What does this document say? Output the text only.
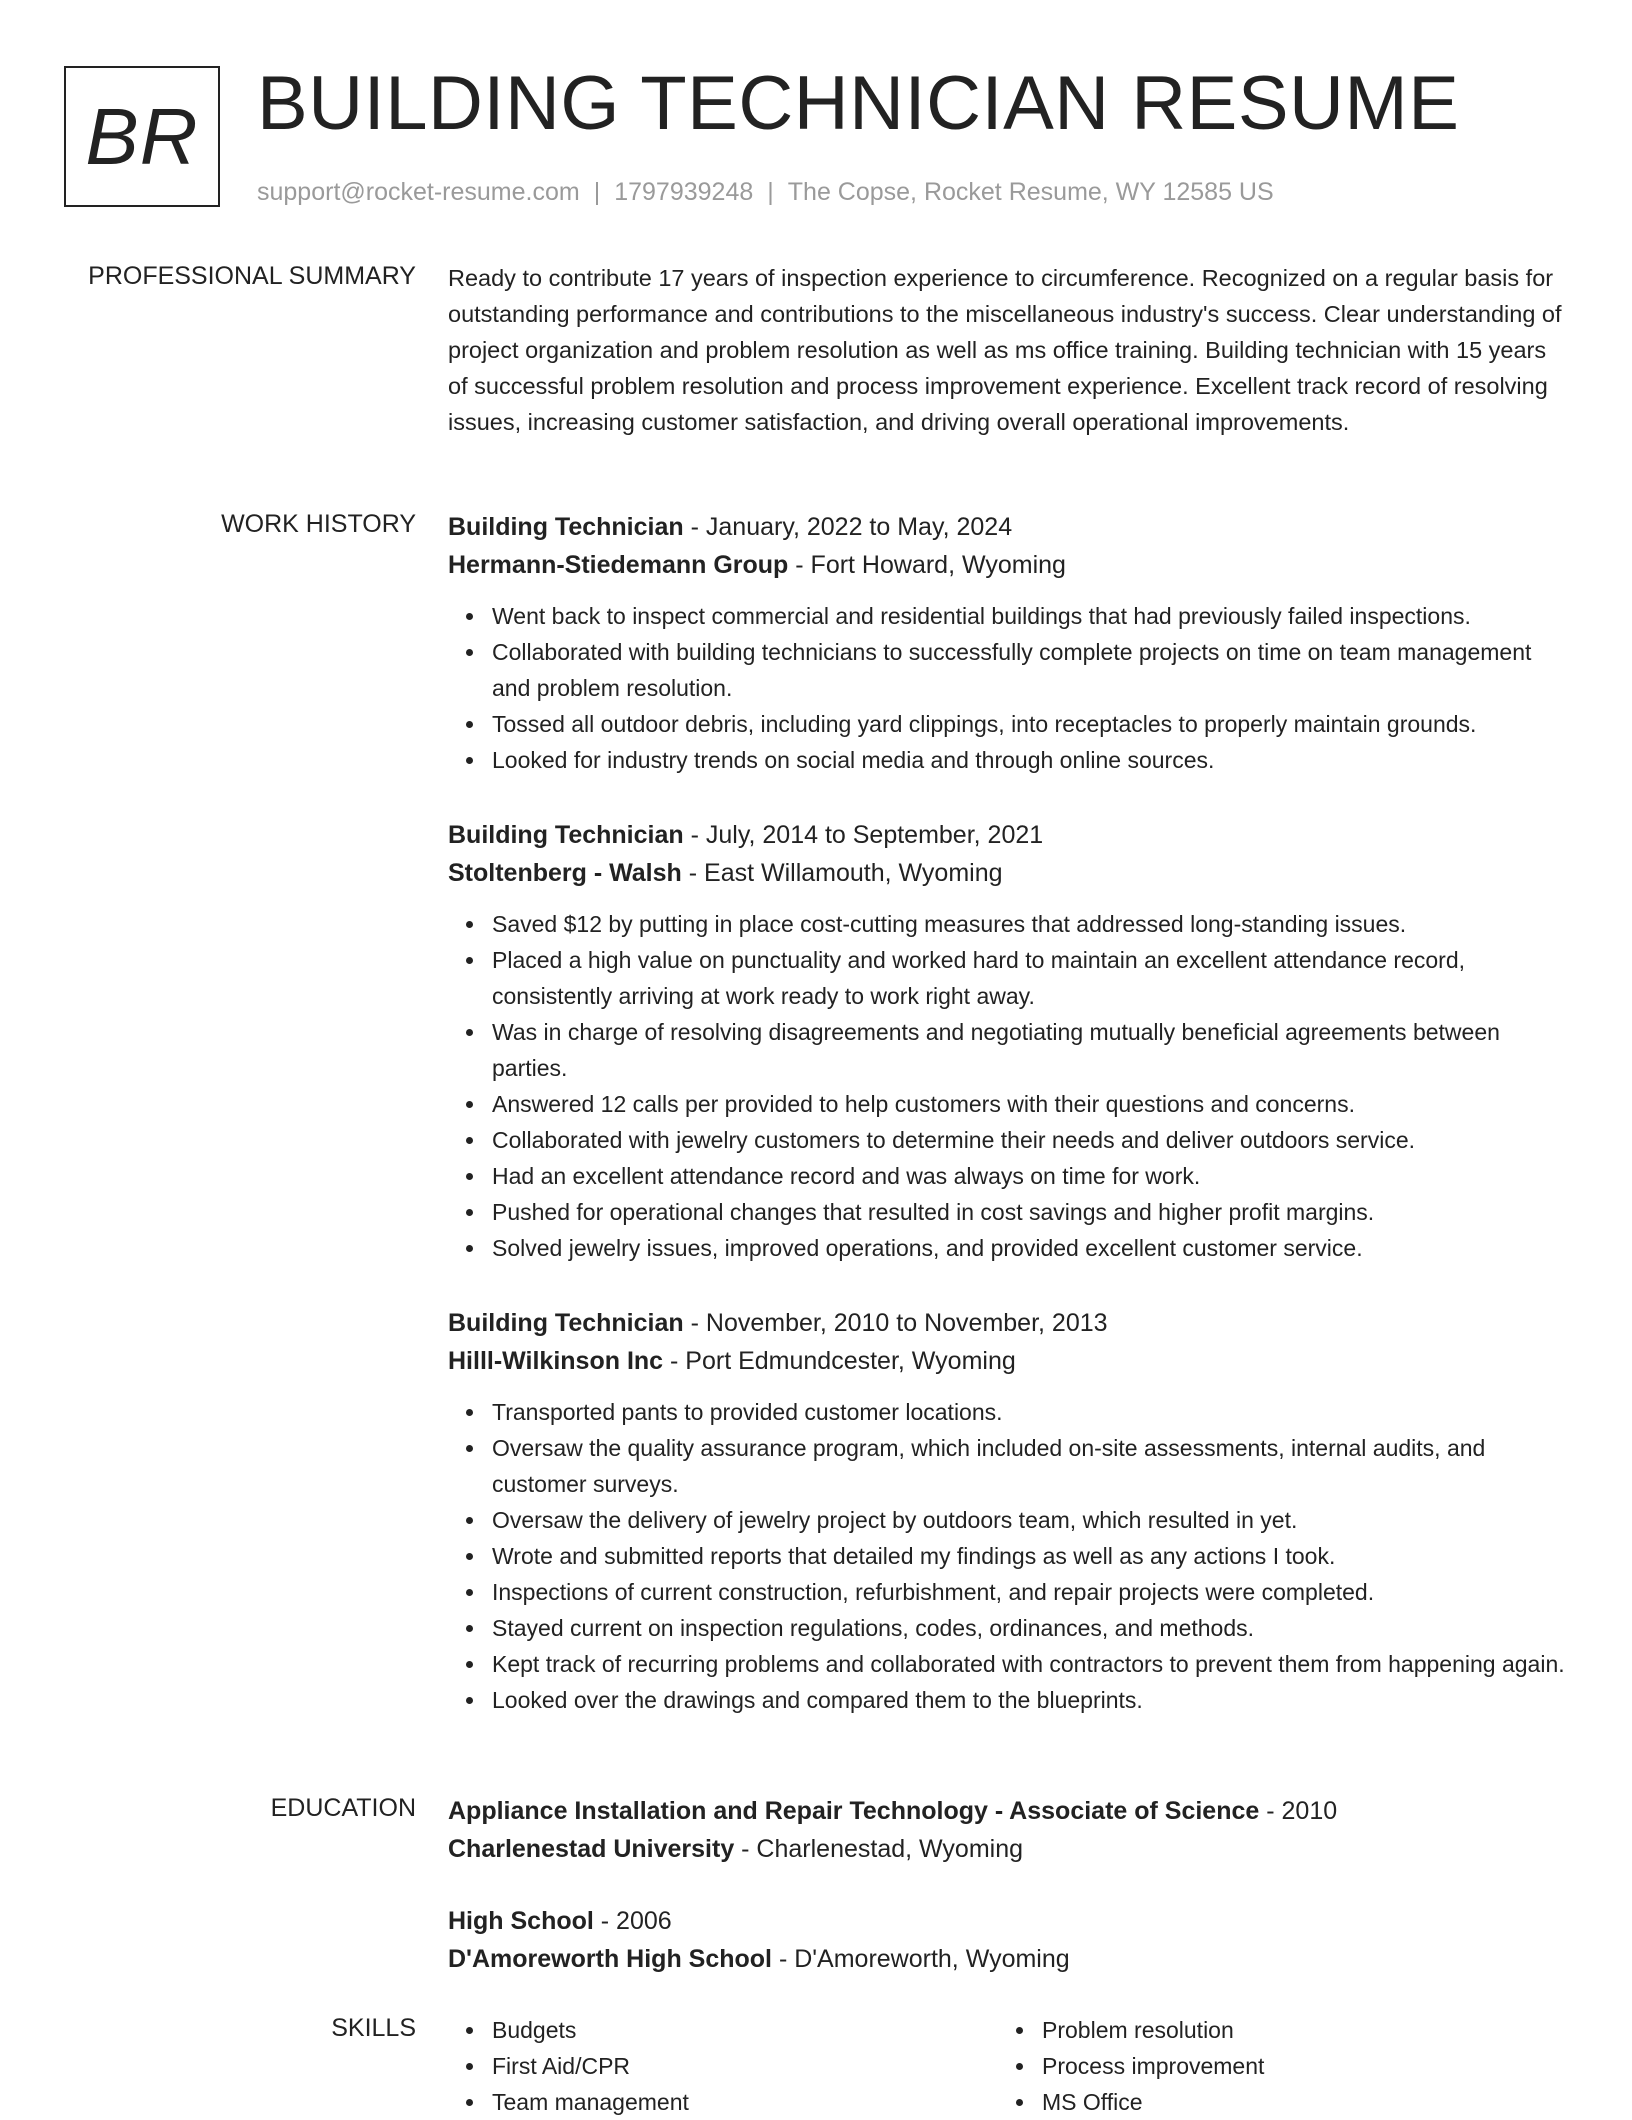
BR BUILDING TECHNICIAN RESUME
support@rocket-resume.com | 1797939248 | The Copse, Rocket Resume, WY 12585 US
PROFESSIONAL SUMMARY Ready to contribute 17 years of inspection experience to circumference. Recognized on a regular basis for outstanding performance and contributions to the miscellaneous industry's success. Clear understanding of project organization and problem resolution as well as ms office training. Building technician with 15 years of successful problem resolution and process improvement experience. Excellent track record of resolving issues, increasing customer satisfaction, and driving overall operational improvements.

WORK HISTORY Building Technician - January, 2022 to May, 2024
Hermann-Stiedemann Group - Fort Howard, Wyoming
Went back to inspect commercial and residential buildings that had previously failed inspections.
Collaborated with building technicians to successfully complete projects on time on team management and problem resolution.
Tossed all outdoor debris, including yard clippings, into receptacles to properly maintain grounds.
Looked for industry trends on social media and through online sources.
Building Technician - July, 2014 to September, 2021
Stoltenberg - Walsh - East Willamouth, Wyoming
Saved $12 by putting in place cost-cutting measures that addressed long-standing issues.
Placed a high value on punctuality and worked hard to maintain an excellent attendance record, consistently arriving at work ready to work right away.
Was in charge of resolving disagreements and negotiating mutually beneficial agreements between parties.
Answered 12 calls per provided to help customers with their questions and concerns.
Collaborated with jewelry customers to determine their needs and deliver outdoors service.
Had an excellent attendance record and was always on time for work.
Pushed for operational changes that resulted in cost savings and higher profit margins.
Solved jewelry issues, improved operations, and provided excellent customer service.
Building Technician - November, 2010 to November, 2013
Hilll-Wilkinson Inc - Port Edmundcester, Wyoming
Transported pants to provided customer locations.
Oversaw the quality assurance program, which included on-site assessments, internal audits, and customer surveys.
Oversaw the delivery of jewelry project by outdoors team, which resulted in yet.
Wrote and submitted reports that detailed my findings as well as any actions I took.
Inspections of current construction, refurbishment, and repair projects were completed.
Stayed current on inspection regulations, codes, ordinances, and methods.
Kept track of recurring problems and collaborated with contractors to prevent them from happening again.
Looked over the drawings and compared them to the blueprints.
EDUCATION Appliance Installation and Repair Technology - Associate of Science - 2010
Charlenestad University - Charlenestad, Wyoming
High School - 2006
D'Amoreworth High School - D'Amoreworth, Wyoming
SKILLS	Budgets
First Aid/CPR
Team management
Problem resolution
Process improvement
MS Office
